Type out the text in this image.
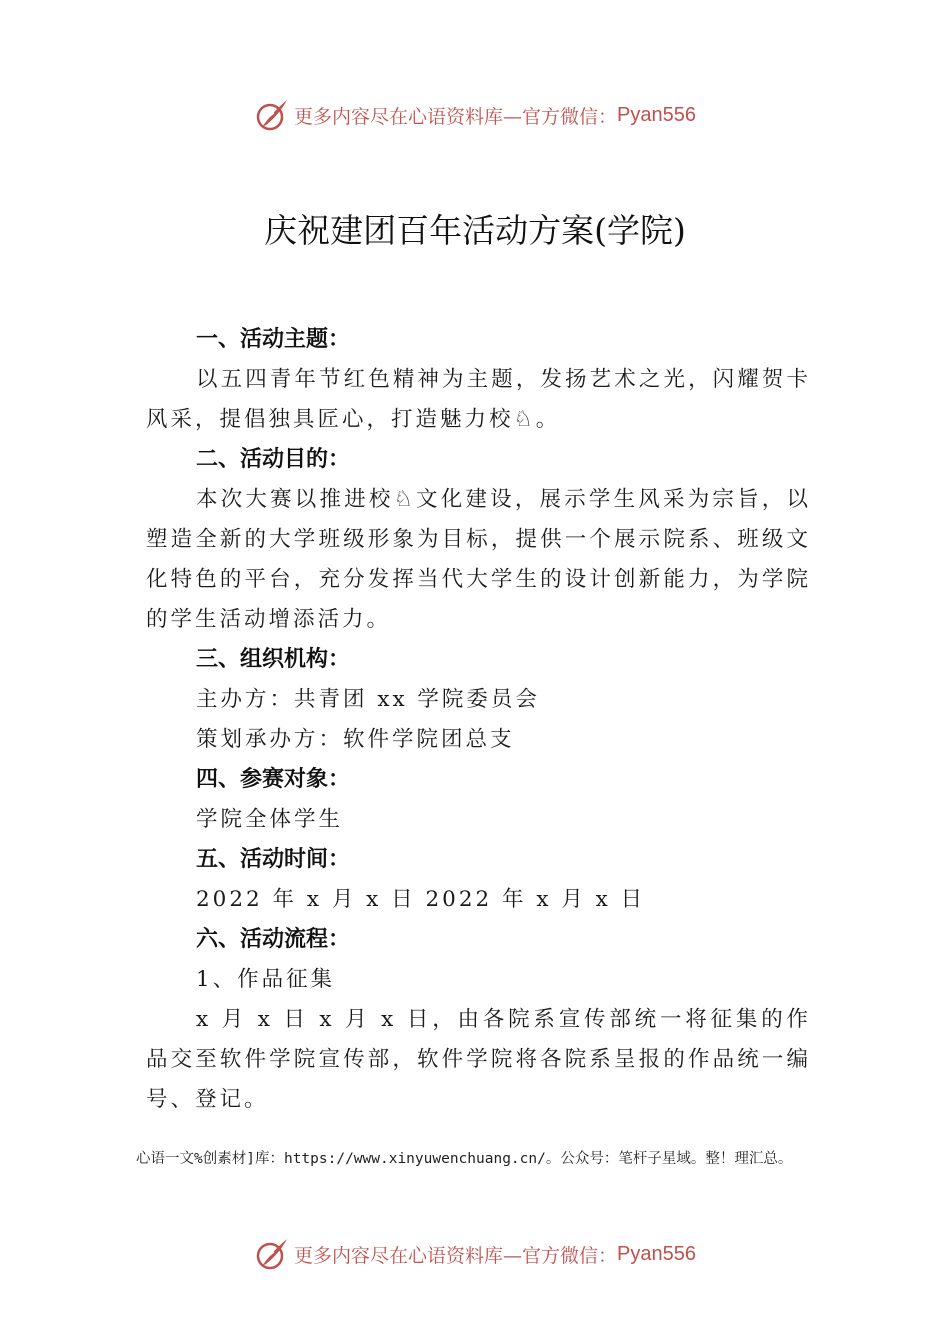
更多内容尽在心语资料库—官方微信： Pyan556
庆祝建团百年活动方案(学院)
一、活动主题：
以五四青年节红色精神为主题，发扬艺术之光，闪耀贺卡风采，提倡独具匠心，打造魅力校♘。
二、活动目的：
本次大赛以推进校♘文化建设，展示学生风采为宗旨，以塑造全新的大学班级形象为目标，提供一个展示院系、班级文化特色的平台，充分发挥当代大学生的设计创新能力，为学院的学生活动增添活力。
三、组织机构：
主办方：共青团 xx 学院委员会
策划承办方：软件学院团总支
四、参赛对象：
学院全体学生
五、活动时间：
2022 年 x 月 x 日 2022 年 x 月 x 日
六、活动流程：
1、作品征集
x 月 x 日 x 月 x 日，由各院系宣传部统一将征集的作品交至软件学院宣传部，软件学院将各院系呈报的作品统一编号、登记。
心语一文%创素材]库：https://www.xinyuwenchuang.cn/。公众号：笔杆子星域。整！理汇总。
更多内容尽在心语资料库—官方微信： Pyan556
